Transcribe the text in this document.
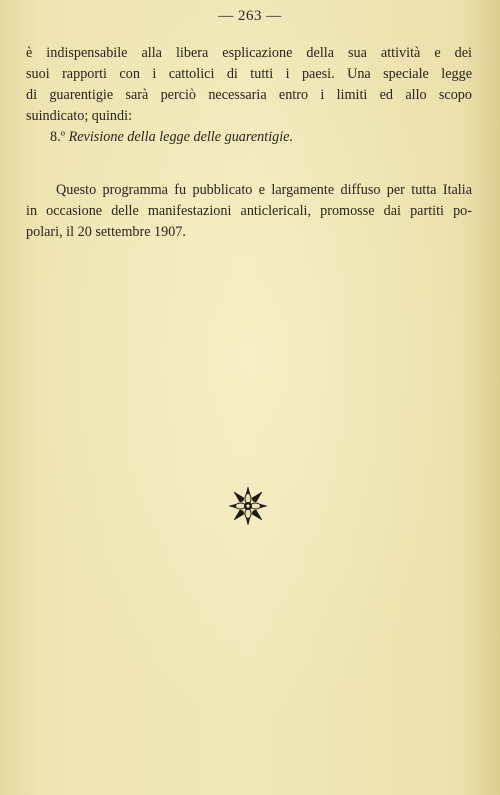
— 263 —
è indispensabile alla libera esplicazione della sua attività e dei
suoi rapporti con i cattolici di tutti i paesi. Una speciale legge
di guarentigie sarà perciò necessaria entro i limiti ed allo scopo
suindicato; quindi:
8.º Revisione della legge delle guarentigie.
Questo programma fu pubblicato e largamente diffuso per tutta Italia
in occasione delle manifestazioni anticlericali, promosse dai partiti po-
polari, il 20 settembre 1907.
